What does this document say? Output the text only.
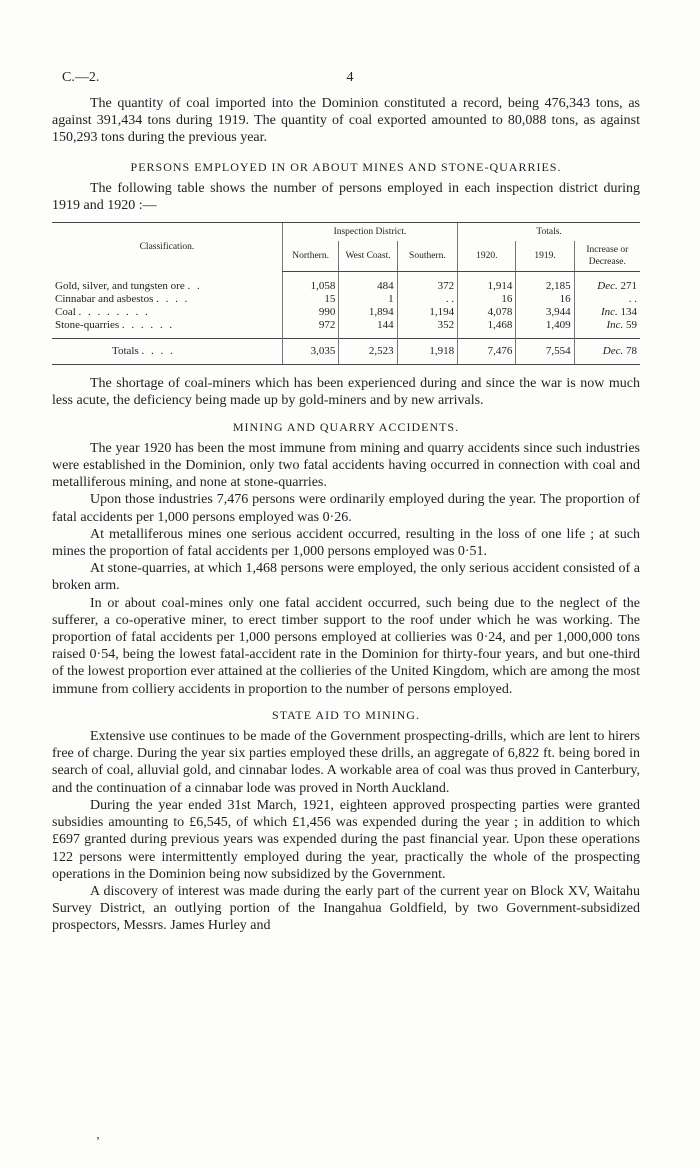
C.—2.	4

The quantity of coal imported into the Dominion constituted a record, being 476,343 tons, as against 391,434 tons during 1919. The quantity of coal exported amounted to 80,088 tons, as against 150,293 tons during the previous year.

PERSONS EMPLOYED IN OR ABOUT MINES AND STONE-QUARRIES.

The following table shows the number of persons employed in each inspection district during 1919 and 1920 :—

Classification.	Inspection District.			Totals.		
	Northern.	West Coast.	Southern.	1920.	1919.	Increase or Decrease.
Gold, silver, and tungsten ore . .	1,058	484	372	1,914	2,185	Dec. 271
Cinnabar and asbestos . . . .	15	1	. .	16	16	. .
Coal . . . . . . . .	990	1,894	1,194	4,078	3,944	Inc. 134
Stone-quarries . . . . . .	972	144	352	1,468	1,409	Inc. 59
Totals . . . .	3,035	2,523	1,918	7,476	7,554	Dec. 78

The shortage of coal-miners which has been experienced during and since the war is now much less acute, the deficiency being made up by gold-miners and by new arrivals.

MINING AND QUARRY ACCIDENTS.

The year 1920 has been the most immune from mining and quarry accidents since such industries were established in the Dominion, only two fatal accidents having occurred in connection with coal and metalliferous mining, and none at stone-quarries.

Upon those industries 7,476 persons were ordinarily employed during the year. The proportion of fatal accidents per 1,000 persons employed was 0·26.

At metalliferous mines one serious accident occurred, resulting in the loss of one life ; at such mines the proportion of fatal accidents per 1,000 persons employed was 0·51.

At stone-quarries, at which 1,468 persons were employed, the only serious accident consisted of a broken arm.

In or about coal-mines only one fatal accident occurred, such being due to the neglect of the sufferer, a co-operative miner, to erect timber support to the roof under which he was working. The proportion of fatal accidents per 1,000 persons employed at collieries was 0·24, and per 1,000,000 tons raised 0·54, being the lowest fatal-accident rate in the Dominion for thirty-four years, and but one-third of the lowest proportion ever attained at the collieries of the United Kingdom, which are among the most immune from colliery accidents in proportion to the number of persons employed.

STATE AID TO MINING.

Extensive use continues to be made of the Government prospecting-drills, which are lent to hirers free of charge. During the year six parties employed these drills, an aggregate of 6,822 ft. being bored in search of coal, alluvial gold, and cinnabar lodes. A workable area of coal was thus proved in Canterbury, and the continuation of a cinnabar lode was proved in North Auckland.

During the year ended 31st March, 1921, eighteen approved prospecting parties were granted subsidies amounting to £6,545, of which £1,456 was expended during the year ; in addition to which £697 granted during previous years was expended during the past financial year. Upon these operations 122 persons were intermittently employed during the year, practically the whole of the prospecting operations in the Dominion being now subsidized by the Government.

A discovery of interest was made during the early part of the current year on Block XV, Waitahu Survey District, an outlying portion of the Inangahua Goldfield, by two Government-subsidized prospectors, Messrs. James Hurley and

ʼ
